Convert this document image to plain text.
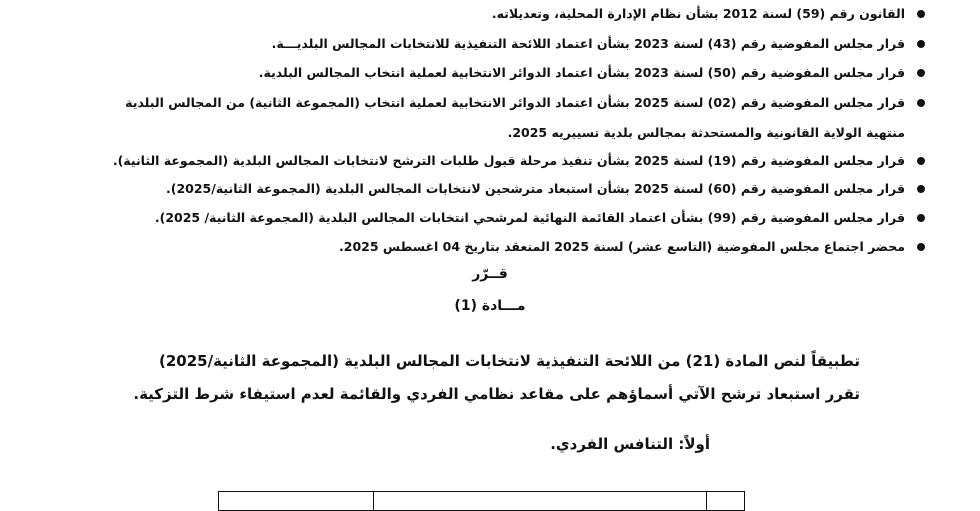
القانون رقم (59) لسنة 2012 بشأن نظام الإدارة المحلية، وتعديلاته.
قرار مجلس المفوضية رقم (43) لسنة 2023 بشأن اعتماد اللائحة التنفيذية للانتخابات المجالس البلديـــة.
قرار مجلس المفوضية رقم (50) لسنة 2023 بشأن اعتماد الدوائر الانتخابية لعملية انتخاب المجالس البلدية.
قرار مجلس المفوضية رقم (02) لسنة 2025 بشأن اعتماد الدوائر الانتخابية لعملية انتخاب (المجموعة الثانية) من المجالس البلدية
منتهية الولاية القانونية والمستحدثة بمجالس بلدية تسييريه 2025.
قرار مجلس المفوضية رقم (19) لسنة 2025 بشأن تنفيذ مرحلة قبول طلبات الترشح لانتخابات المجالس البلدية (المجموعة الثانية).
قرار مجلس المفوضية رقم (60) لسنة 2025 بشأن استبعاد مترشحين لانتخابات المجالس البلدية (المجموعة الثانية/2025).
قرار مجلس المفوضية رقم (99) بشأن اعتماد القائمة النهائية لمرشحي انتخابات المجالس البلدية (المجموعة الثانية/ 2025).
محضر اجتماع مجلس المفوضية (التاسع عشر) لسنة 2025 المنعقد بتاريخ 04 اغسطس 2025.
قــرّر
مـــادة (1)
تطبيقاً لنص المادة (21) من اللائحة التنفيذية لانتخابات المجالس البلدية (المجموعة الثانية/2025)
تقرر استبعاد ترشح الآتي أسماؤهم على مقاعد نظامي الفردي والقائمة لعدم استيفاء شرط التزكية.
أولاً: التنافس الفردي.
